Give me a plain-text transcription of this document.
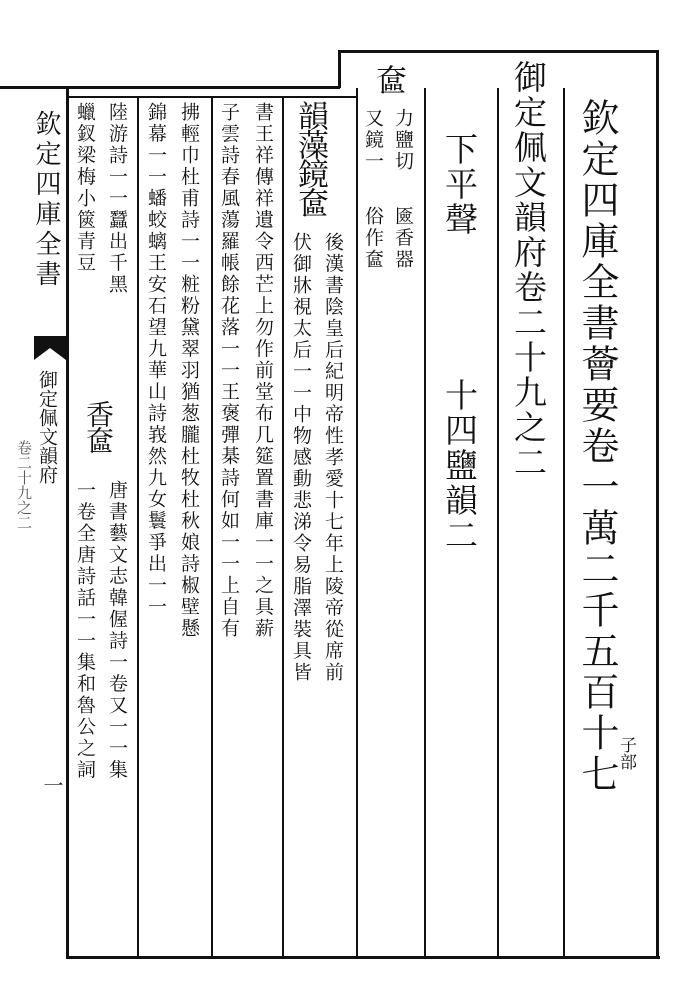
欽定四庫全書
御定佩文韻府
卷二十九之二
一	欽定四庫全書薈要卷一萬二千五百十七
子部
御定佩文韻府卷二十九之二
下平聲
十四鹽韻二
奩
力鹽切
匳香器
又鏡一
俗作奩
韻藻鏡奩
後漢書陰皇后紀明帝性孝愛十七年上陵帝從席前
伏御牀視太后一一中物感動悲涕令易脂澤裝具皆
書王祥傳祥遺令西芒上勿作前堂布几筵置書庫一一之具薪
子雲詩春風蕩羅帳餘花落一一王褒彈棊詩何如一一上自有
拂輕巾杜甫詩一一粧粉黛翠羽猶葱朧杜牧杜秋娘詩椒壁懸
錦幕一一蟠蛟螭王安石望九華山詩峩然九女鬟爭出一一
陸游詩一一蠶出千黑
蠟釵梁梅小篋青豆
香奩
唐書藝文志韓偓詩一卷又一一集
一卷全唐詩話一一集和魯公之詞
